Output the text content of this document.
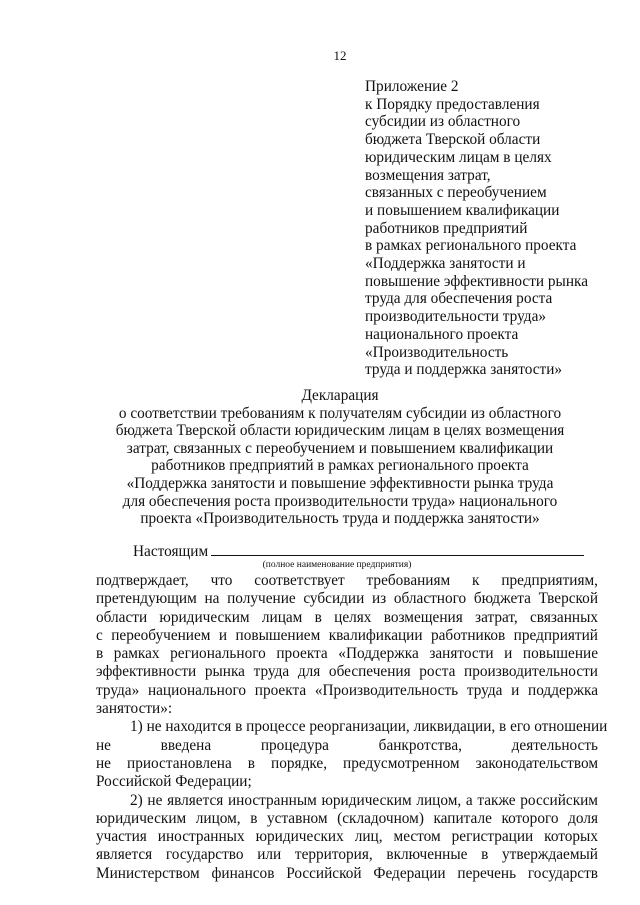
12
Приложение 2
к Порядку предоставления
субсидии из областного
бюджета Тверской области
юридическим лицам в целях
возмещения затрат,
связанных с переобучением
и повышением квалификации
работников предприятий
в рамках регионального проекта
«Поддержка занятости и
повышение эффективности рынка
труда для обеспечения роста
производительности труда»
национального проекта
«Производительность
труда и поддержка занятости»
Декларация
о соответствии требованиям к получателям субсидии из областного
бюджета Тверской области юридическим лицам в целях возмещения
затрат, связанных с переобучением и повышением квалификации
работников предприятий в рамках регионального проекта
«Поддержка занятости и повышение эффективности рынка труда
для обеспечения роста производительности труда» национального
проекта «Производительность труда и поддержка занятости»
Настоящим
(полное наименование предприятия)
подтверждает, что соответствует требованиям к предприятиям,
претендующим на получение субсидии из областного бюджета Тверской
области юридическим лицам в целях возмещения затрат, связанных
с переобучением и повышением квалификации работников предприятий
в рамках регионального проекта «Поддержка занятости и повышение
эффективности рынка труда для обеспечения роста производительности
труда» национального проекта «Производительность труда и поддержка
занятости»:
1) не находится в процессе реорганизации, ликвидации, в его отношении
не введена процедура банкротства, деятельность
не приостановлена в порядке, предусмотренном законодательством
Российской Федерации;
2) не является иностранным юридическим лицом, а также российским
юридическим лицом, в уставном (складочном) капитале которого доля
участия иностранных юридических лиц, местом регистрации которых
является государство или территория, включенные в утверждаемый
Министерством финансов Российской Федерации перечень государств
